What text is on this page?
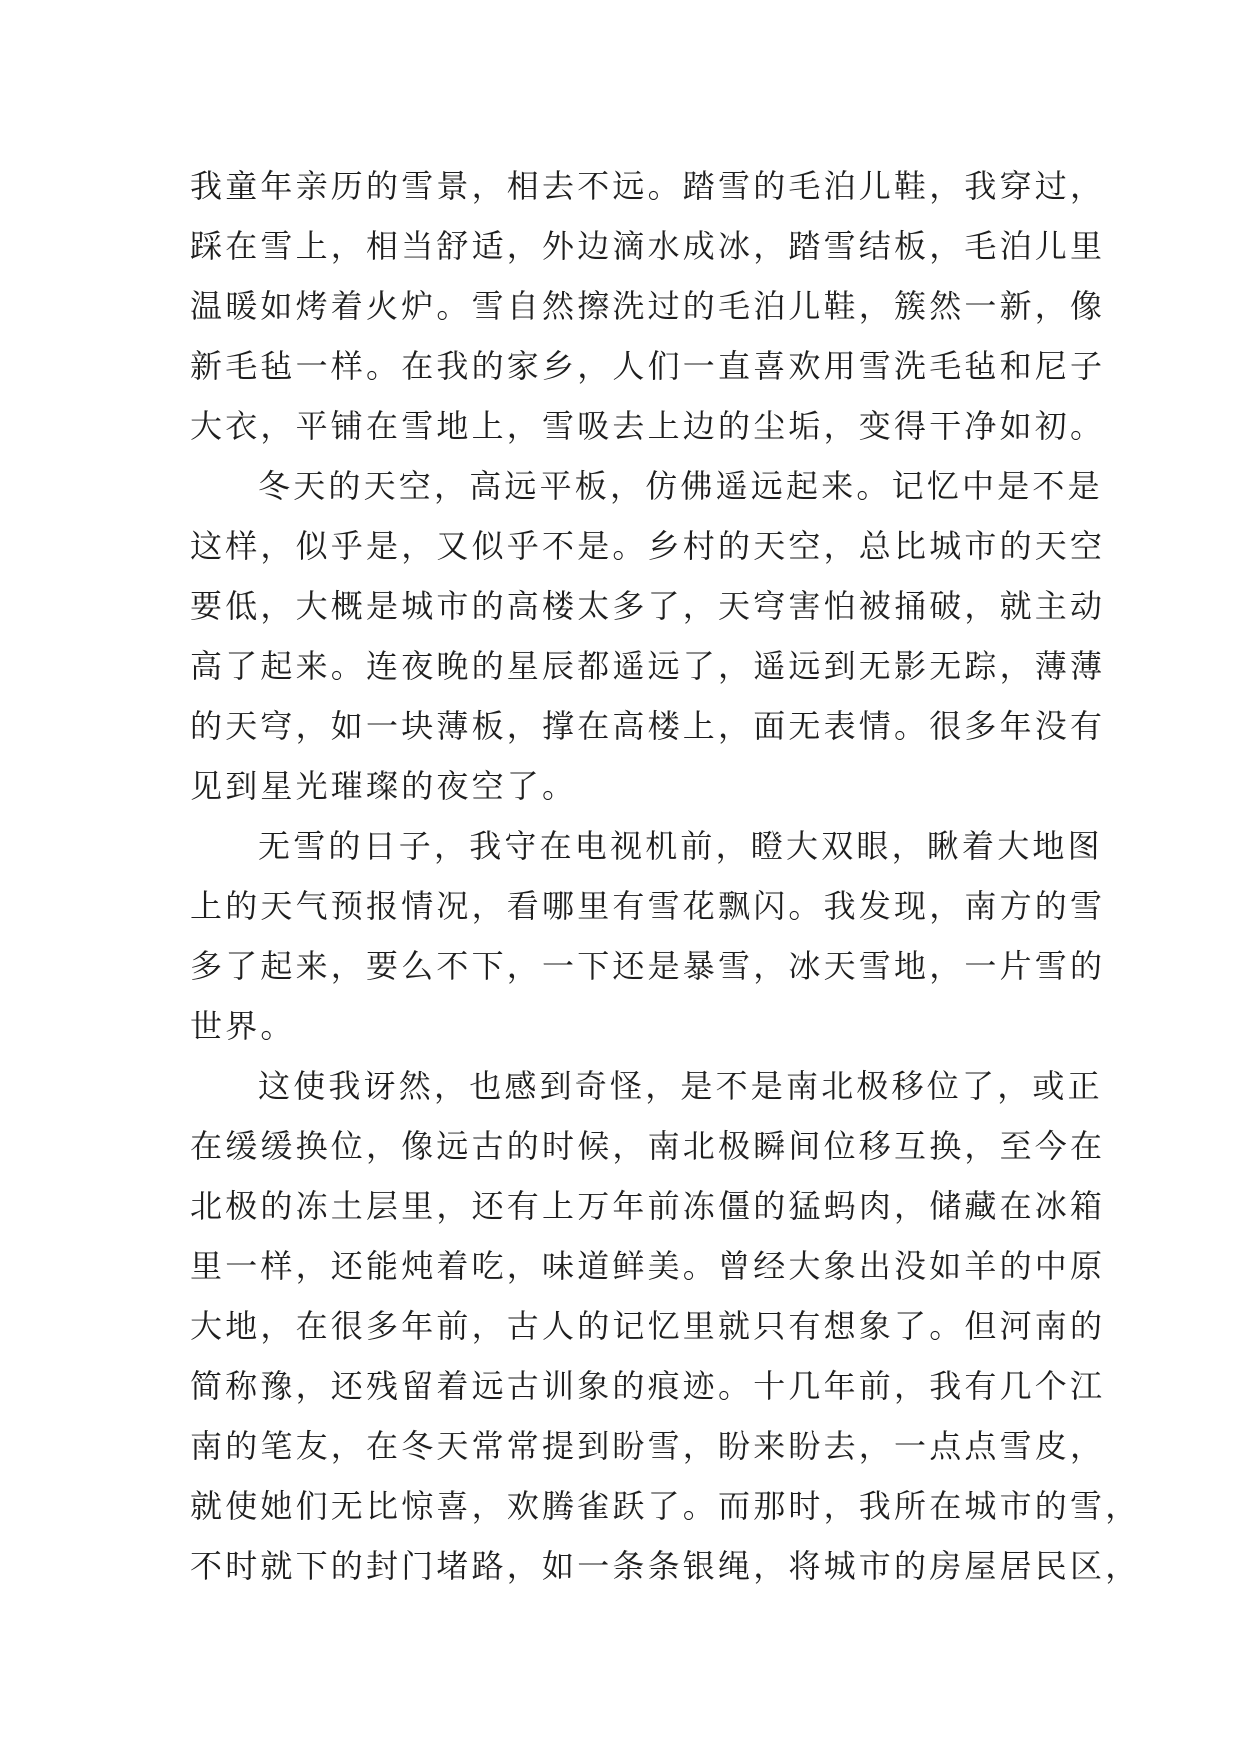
我童年亲历的雪景，相去不远。踏雪的毛泊儿鞋，我穿过，
踩在雪上，相当舒适，外边滴水成冰，踏雪结板，毛泊儿里
温暖如烤着火炉。雪自然擦洗过的毛泊儿鞋，簇然一新，像
新毛毡一样。在我的家乡，人们一直喜欢用雪洗毛毡和尼子
大衣，平铺在雪地上，雪吸去上边的尘垢，变得干净如初。
冬天的天空，高远平板，仿佛遥远起来。记忆中是不是
这样，似乎是，又似乎不是。乡村的天空，总比城市的天空
要低，大概是城市的高楼太多了，天穹害怕被捅破，就主动
高了起来。连夜晚的星辰都遥远了，遥远到无影无踪，薄薄
的天穹，如一块薄板，撑在高楼上，面无表情。很多年没有
见到星光璀璨的夜空了。
无雪的日子，我守在电视机前，瞪大双眼，瞅着大地图
上的天气预报情况，看哪里有雪花飘闪。我发现，南方的雪
多了起来，要么不下，一下还是暴雪，冰天雪地，一片雪的
世界。
这使我讶然，也感到奇怪，是不是南北极移位了，或正
在缓缓换位，像远古的时候，南北极瞬间位移互换，至今在
北极的冻土层里，还有上万年前冻僵的猛蚂肉，储藏在冰箱
里一样，还能炖着吃，味道鲜美。曾经大象出没如羊的中原
大地，在很多年前，古人的记忆里就只有想象了。但河南的
简称豫，还残留着远古训象的痕迹。十几年前，我有几个江
南的笔友，在冬天常常提到盼雪，盼来盼去，一点点雪皮，
就使她们无比惊喜，欢腾雀跃了。而那时，我所在城市的雪，
不时就下的封门堵路，如一条条银绳，将城市的房屋居民区，
